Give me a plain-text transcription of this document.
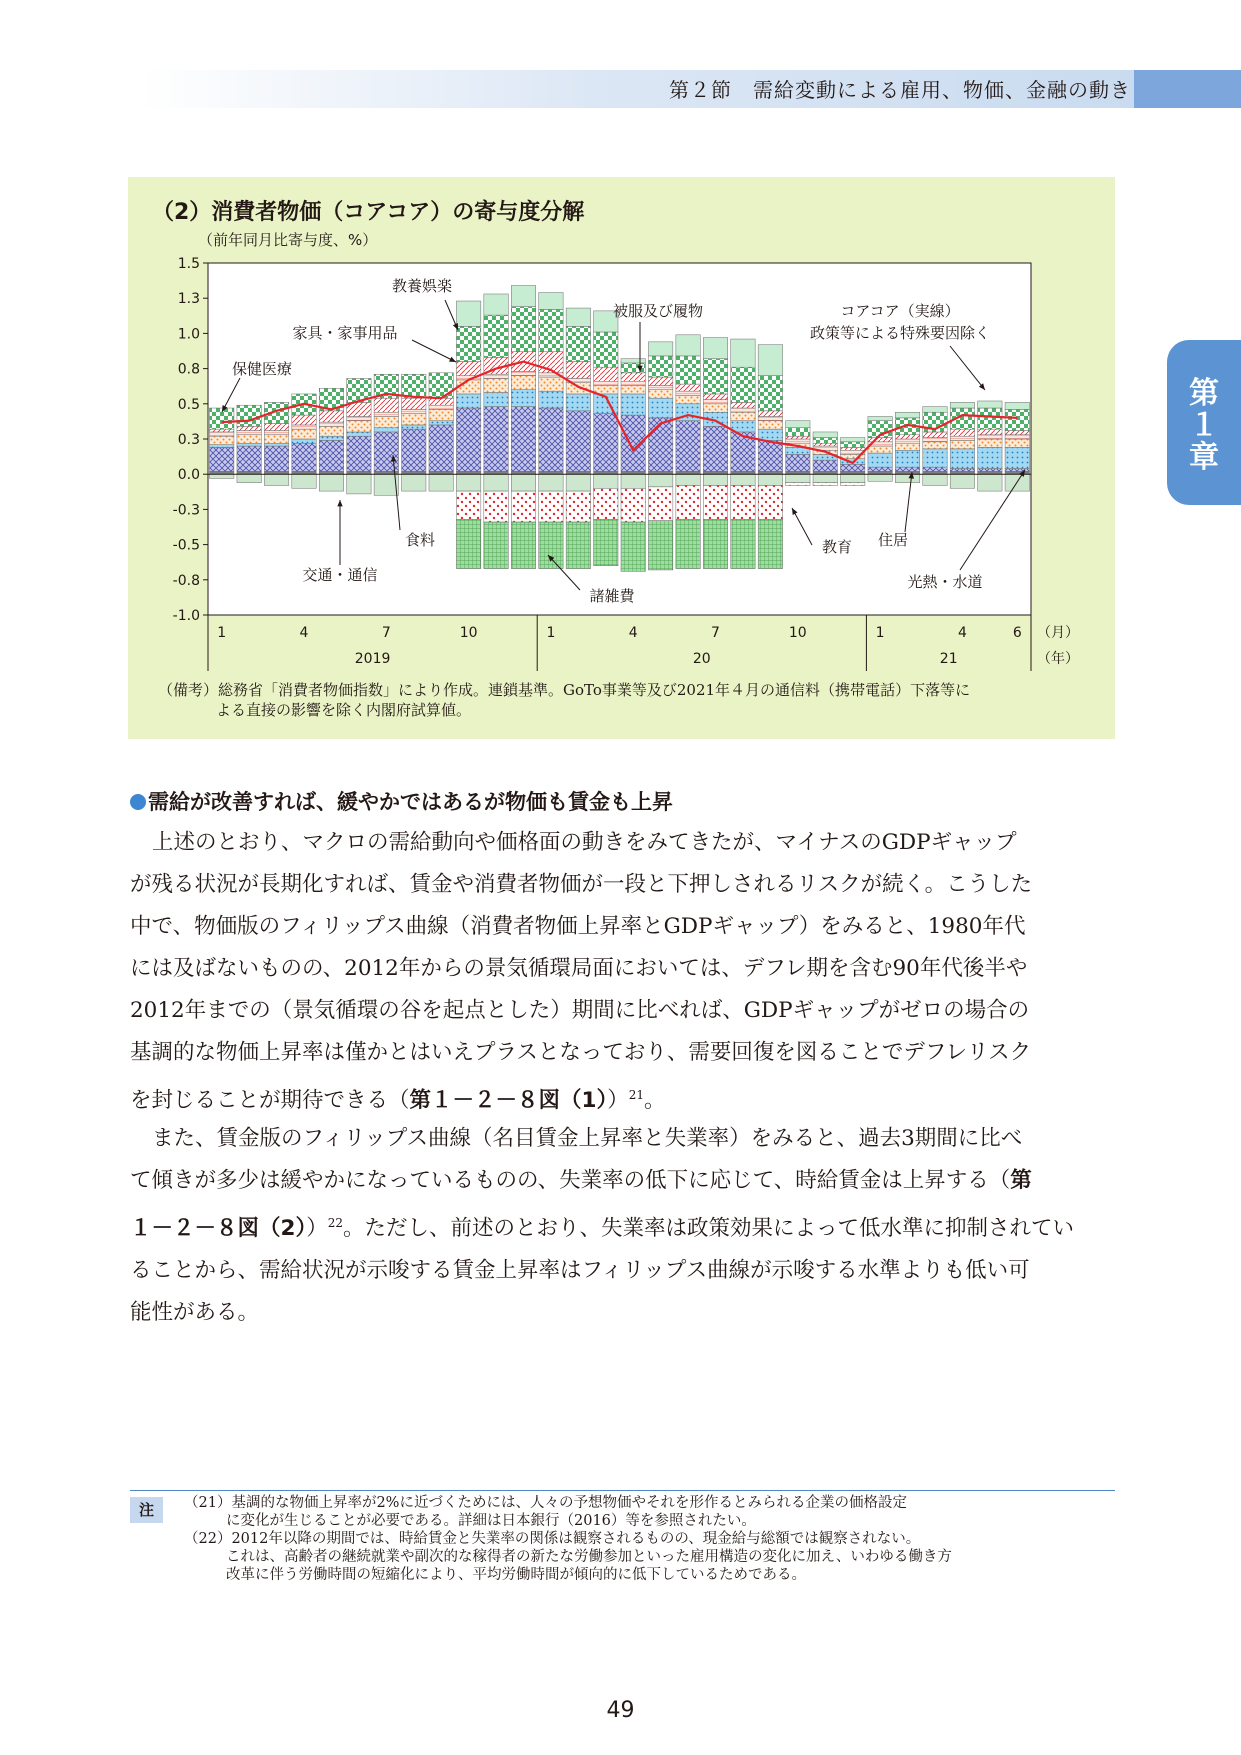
第２節　需給変動による雇用、物価、金融の動き
第
１
章
（2）消費者物価（コアコア）の寄与度分解
（前年同月比寄与度、%）
1.5
1.3
1.0
0.8
0.5
0.3
0.0
-0.3
-0.5
-0.8
-1.0
1	4	7	10	1	4	7	10	1	4	6
2019	20	21
（月）
（年）
教養娯楽
家具・家事用品
保健医療
被服及び履物	コアコア（実線）
政策等による特殊要因除く
食料
交通・通信
諸雑費
教育 住居
光熱・水道
（備考）総務省「消費者物価指数」により作成。連鎖基準。GoTo事業等及び2021年４月の通信料（携帯電話）下落等に
よる直接の影響を除く内閣府試算値。
需給が改善すれば、緩やかではあるが物価も賃金も上昇
上述のとおり、マクロの需給動向や価格面の動きをみてきたが、マイナスのGDPギャップ
が残る状況が長期化すれば、賃金や消費者物価が一段と下押しされるリスクが続く。こうした
中で、物価版のフィリップス曲線（消費者物価上昇率とGDPギャップ）をみると、1980年代
には及ばないものの、2012年からの景気循環局面においては、デフレ期を含む90年代後半や
2012年までの（景気循環の谷を起点とした）期間に比べれば、GDPギャップがゼロの場合の
基調的な物価上昇率は僅かとはいえプラスとなっており、需要回復を図ることでデフレリスク
を封じることが期待できる（第１－２－８図（1））$^{21}$。
また、賃金版のフィリップス曲線（名目賃金上昇率と失業率）をみると、過去3期間に比べ
て傾きが多少は緩やかになっているものの、失業率の低下に応じて、時給賃金は上昇する（第
１－２－８図（2））$^{22}$。ただし、前述のとおり、失業率は政策効果によって低水準に抑制されてい
ることから、需給状況が示唆する賃金上昇率はフィリップス曲線が示唆する水準よりも低い可
能性がある。
注	（21）基調的な物価上昇率が2%に近づくためには、人々の予想物価やそれを形作るとみられる企業の価格設定
に変化が生じることが必要である。詳細は日本銀行（2016）等を参照されたい。
（22）2012年以降の期間では、時給賃金と失業率の関係は観察されるものの、現金給与総額では観察されない。
これは、高齢者の継続就業や副次的な稼得者の新たな労働参加といった雇用構造の変化に加え、いわゆる働き方
改革に伴う労働時間の短縮化により、平均労働時間が傾向的に低下しているためである。
49
